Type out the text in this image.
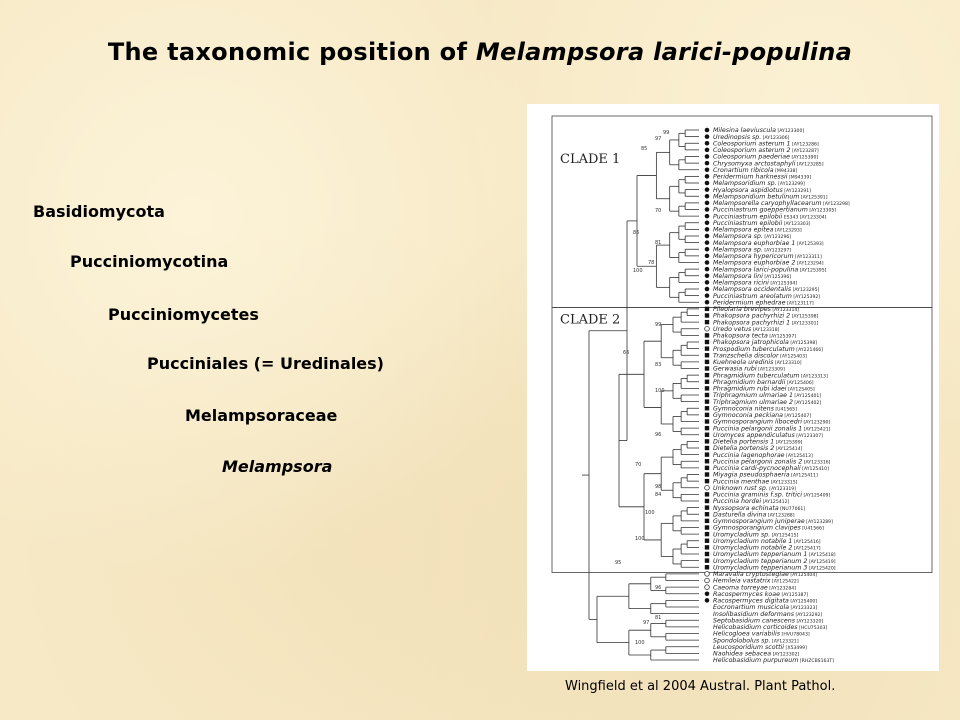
The taxonomic position of Melampsora larici-populina
Basidiomycota
Pucciniomycotina
Pucciniomycetes
Pucciniales (= Uredinales)
Melampsoraceae
Melampsora
CLADE 1
CLADE 2
99
97
85
70
86
81
78
100
99
66
83
100
70
96
98
84
100
100
95
96
81
97
100
Milesina laeviuscula [AY123300]
Uredinopsis sp. [AY123306]
Coleosporium asterum 1 [AY123286]
Coleosporium asterum 2 [AY123287]
Coleosporium paederiae [AY125390]
Chrysomyxa arctostaphyli [AY123285]
Cronartium ribicola [M94338]
Peridermium harknessii [M94339]
Melampsoridium sp. [AY123299]
Hyalopsora aspidiotus [AY123291]
Melampsoridium betulinum [AY125391]
Melampsorella caryophyllacearum [AY123298]
Pucciniastrum goeppertianum [AY123305]
Pucciniastrum epilobii ES343 [AY123304]
Pucciniastrum epilobii [AY123303]
Melampsora epitea [AY123293]
Melampsora sp. [AY123296]
Melampsora euphorbiae 1 [AY125393]
Melampsora sp. [AY123297]
Melampsora hypericorum [AY123311]
Melampsora euphorbiae 2 [AY123294]
Melampsora larici-populina [AY125395]
Melampsora lini [AY125396]
Melampsora ricini [AY125394]
Melampsora occidentalis [AY123295]
Pucciniastrum areolatum [AY125392]
Peridermium ephedrae [AY123117]
Pileolaria brevipes [AY123314]
Phakopsora pachyrhizi 2 [AY125398]
Phakopsora pachyrhizi 1 [AY123301]
Uredo vetus [AY123318]
Phakopsora tecta [AY125397]
Phakopsora jatrophicola [AY125398]
Prospodium tuberculatum [AY221466]
Tranzschelia discolor [AY125403]
Kuehneola uredinis [AY123310]
Gerwasia rubi [AY123309]
Phragmidium tuberculatum [AY123313]
Phragmidium barnardii [AY125406]
Phragmidium rubi idaei [AY125405]
Triphragmium ulmariae 1 [AY125401]
Triphragmium ulmariae 2 [AY125402]
Gymnoconia nitens [U41565]
Gymnoconia peckiana [AY125407]
Gymnosporangium libocedri [AY123290]
Puccinia pelargonii zonalis 1 [AY125421]
Uromyces appendiculatus [AY123307]
Dietelia portensis 1 [AY125399]
Dietelia portensis 2 [AY125414]
Puccinia lagenophorae [AY125413]
Puccinia pelargonii zonalis 2 [AY123316]
Puccinia cardi-pycnocephali [AY125410]
Miyagia pseudosphaeria [AY125411]
Puccinia menthae [AY123315]
Unknown rust sp. [AY123319]
Puccinia graminis f.sp. tritici [AY125409]
Puccinia hordei [AY125412]
Nyssopsora echinata [NU77061]
Dasturella divina [AY123288]
Gymnosporangium juniperae [AY123289]
Gymnosporangium clavipes [U41566]
Uromycladium sp. [AY125415]
Uromycladium notabile 1 [AY125416]
Uromycladium notabile 2 [AY125417]
Uromycladium tepperianum 1 [AY125418]
Uromycladium tepperianum 2 [AY125419]
Uromycladium tepperianum 3 [AY125420]
Maravalia cryptostegiae [AY125404]
Hemileia vastatrix [AY125422]
Caeoma torreyae [AY123284]
Racospermyces koae [AY125387]
Racospermyces digitata [AY125400]
Eocronartium muscicola [AY123323]
Insolibasidium deformans [AY123292]
Septobasidium canescens [AY123320]
Helicobasidium corticoides [HCU75303]
Helicogloea variabilis [HVU78043]
Spondolobolus sp. [AY123321]
Leucosporidium scottii [X53499]
Naohidea sebacea [AY123302]
Helicobasidium purpureum [RHZCBS163T]
Wingfield et al 2004 Austral. Plant Pathol.
